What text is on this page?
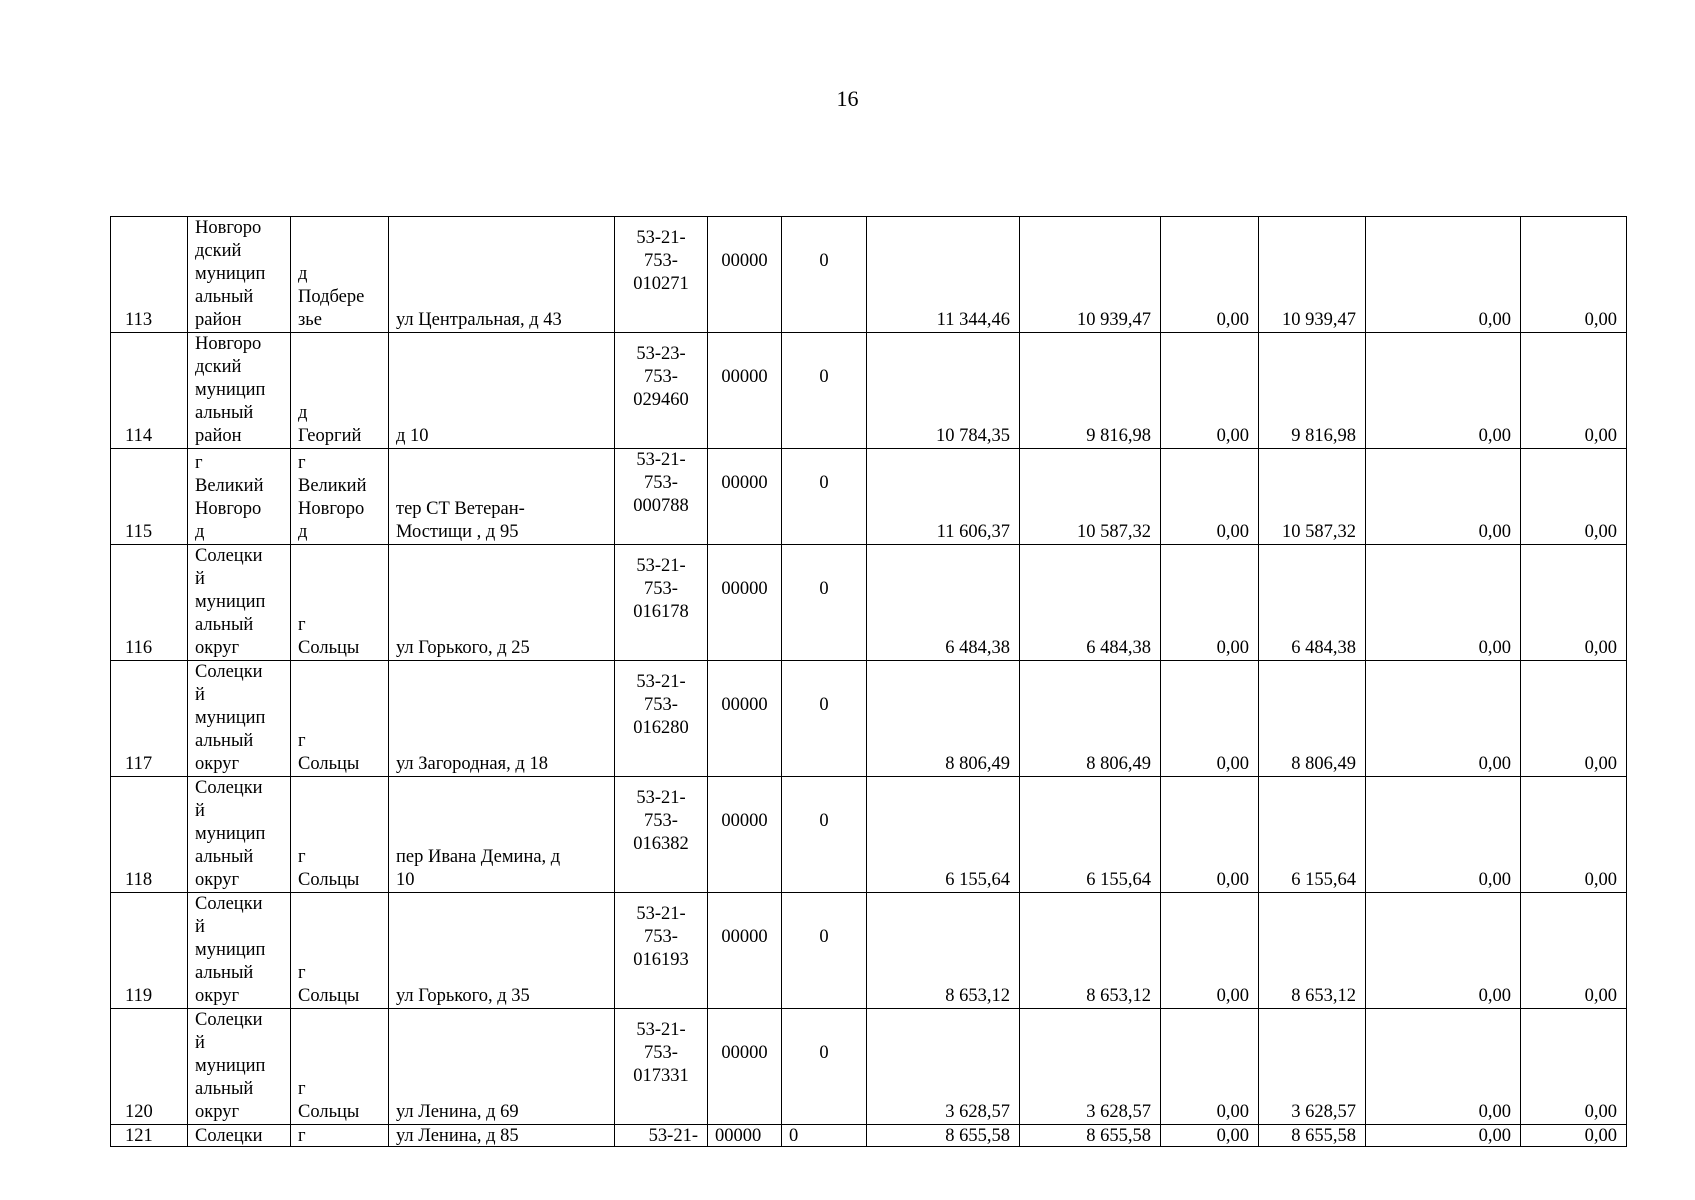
16
113	Новгоро
дский
муницип
альный
район	д
Подбере
зье	ул Центральная, д 43	53-21-
753-
010271	00000	0	11 344,46	10 939,47	0,00	10 939,47	0,00	0,00
114	Новгоро
дский
муницип
альный
район	д
Георгий	д 10	53-23-
753-
029460	00000	0	10 784,35	9 816,98	0,00	9 816,98	0,00	0,00
115	г
Великий
Новгоро
д	г
Великий
Новгоро
д	тер СТ Ветеран-
Мостищи , д 95	53-21-
753-
000788	00000	0	11 606,37	10 587,32	0,00	10 587,32	0,00	0,00
116	Солецки
й
муницип
альный
округ	г
Сольцы	ул Горького, д 25	53-21-
753-
016178	00000	0	6 484,38	6 484,38	0,00	6 484,38	0,00	0,00
117	Солецки
й
муницип
альный
округ	г
Сольцы	ул Загородная, д 18	53-21-
753-
016280	00000	0	8 806,49	8 806,49	0,00	8 806,49	0,00	0,00
118	Солецки
й
муницип
альный
округ	г
Сольцы	пер Ивана Демина, д
10	53-21-
753-
016382	00000	0	6 155,64	6 155,64	0,00	6 155,64	0,00	0,00
119	Солецки
й
муницип
альный
округ	г
Сольцы	ул Горького, д 35	53-21-
753-
016193	00000	0	8 653,12	8 653,12	0,00	8 653,12	0,00	0,00
120	Солецки
й
муницип
альный
округ	г
Сольцы	ул Ленина, д 69	53-21-
753-
017331	00000	0	3 628,57	3 628,57	0,00	3 628,57	0,00	0,00
121	Солецки	г	ул Ленина, д 85	53-21-	00000	0	8 655,58	8 655,58	0,00	8 655,58	0,00	0,00
